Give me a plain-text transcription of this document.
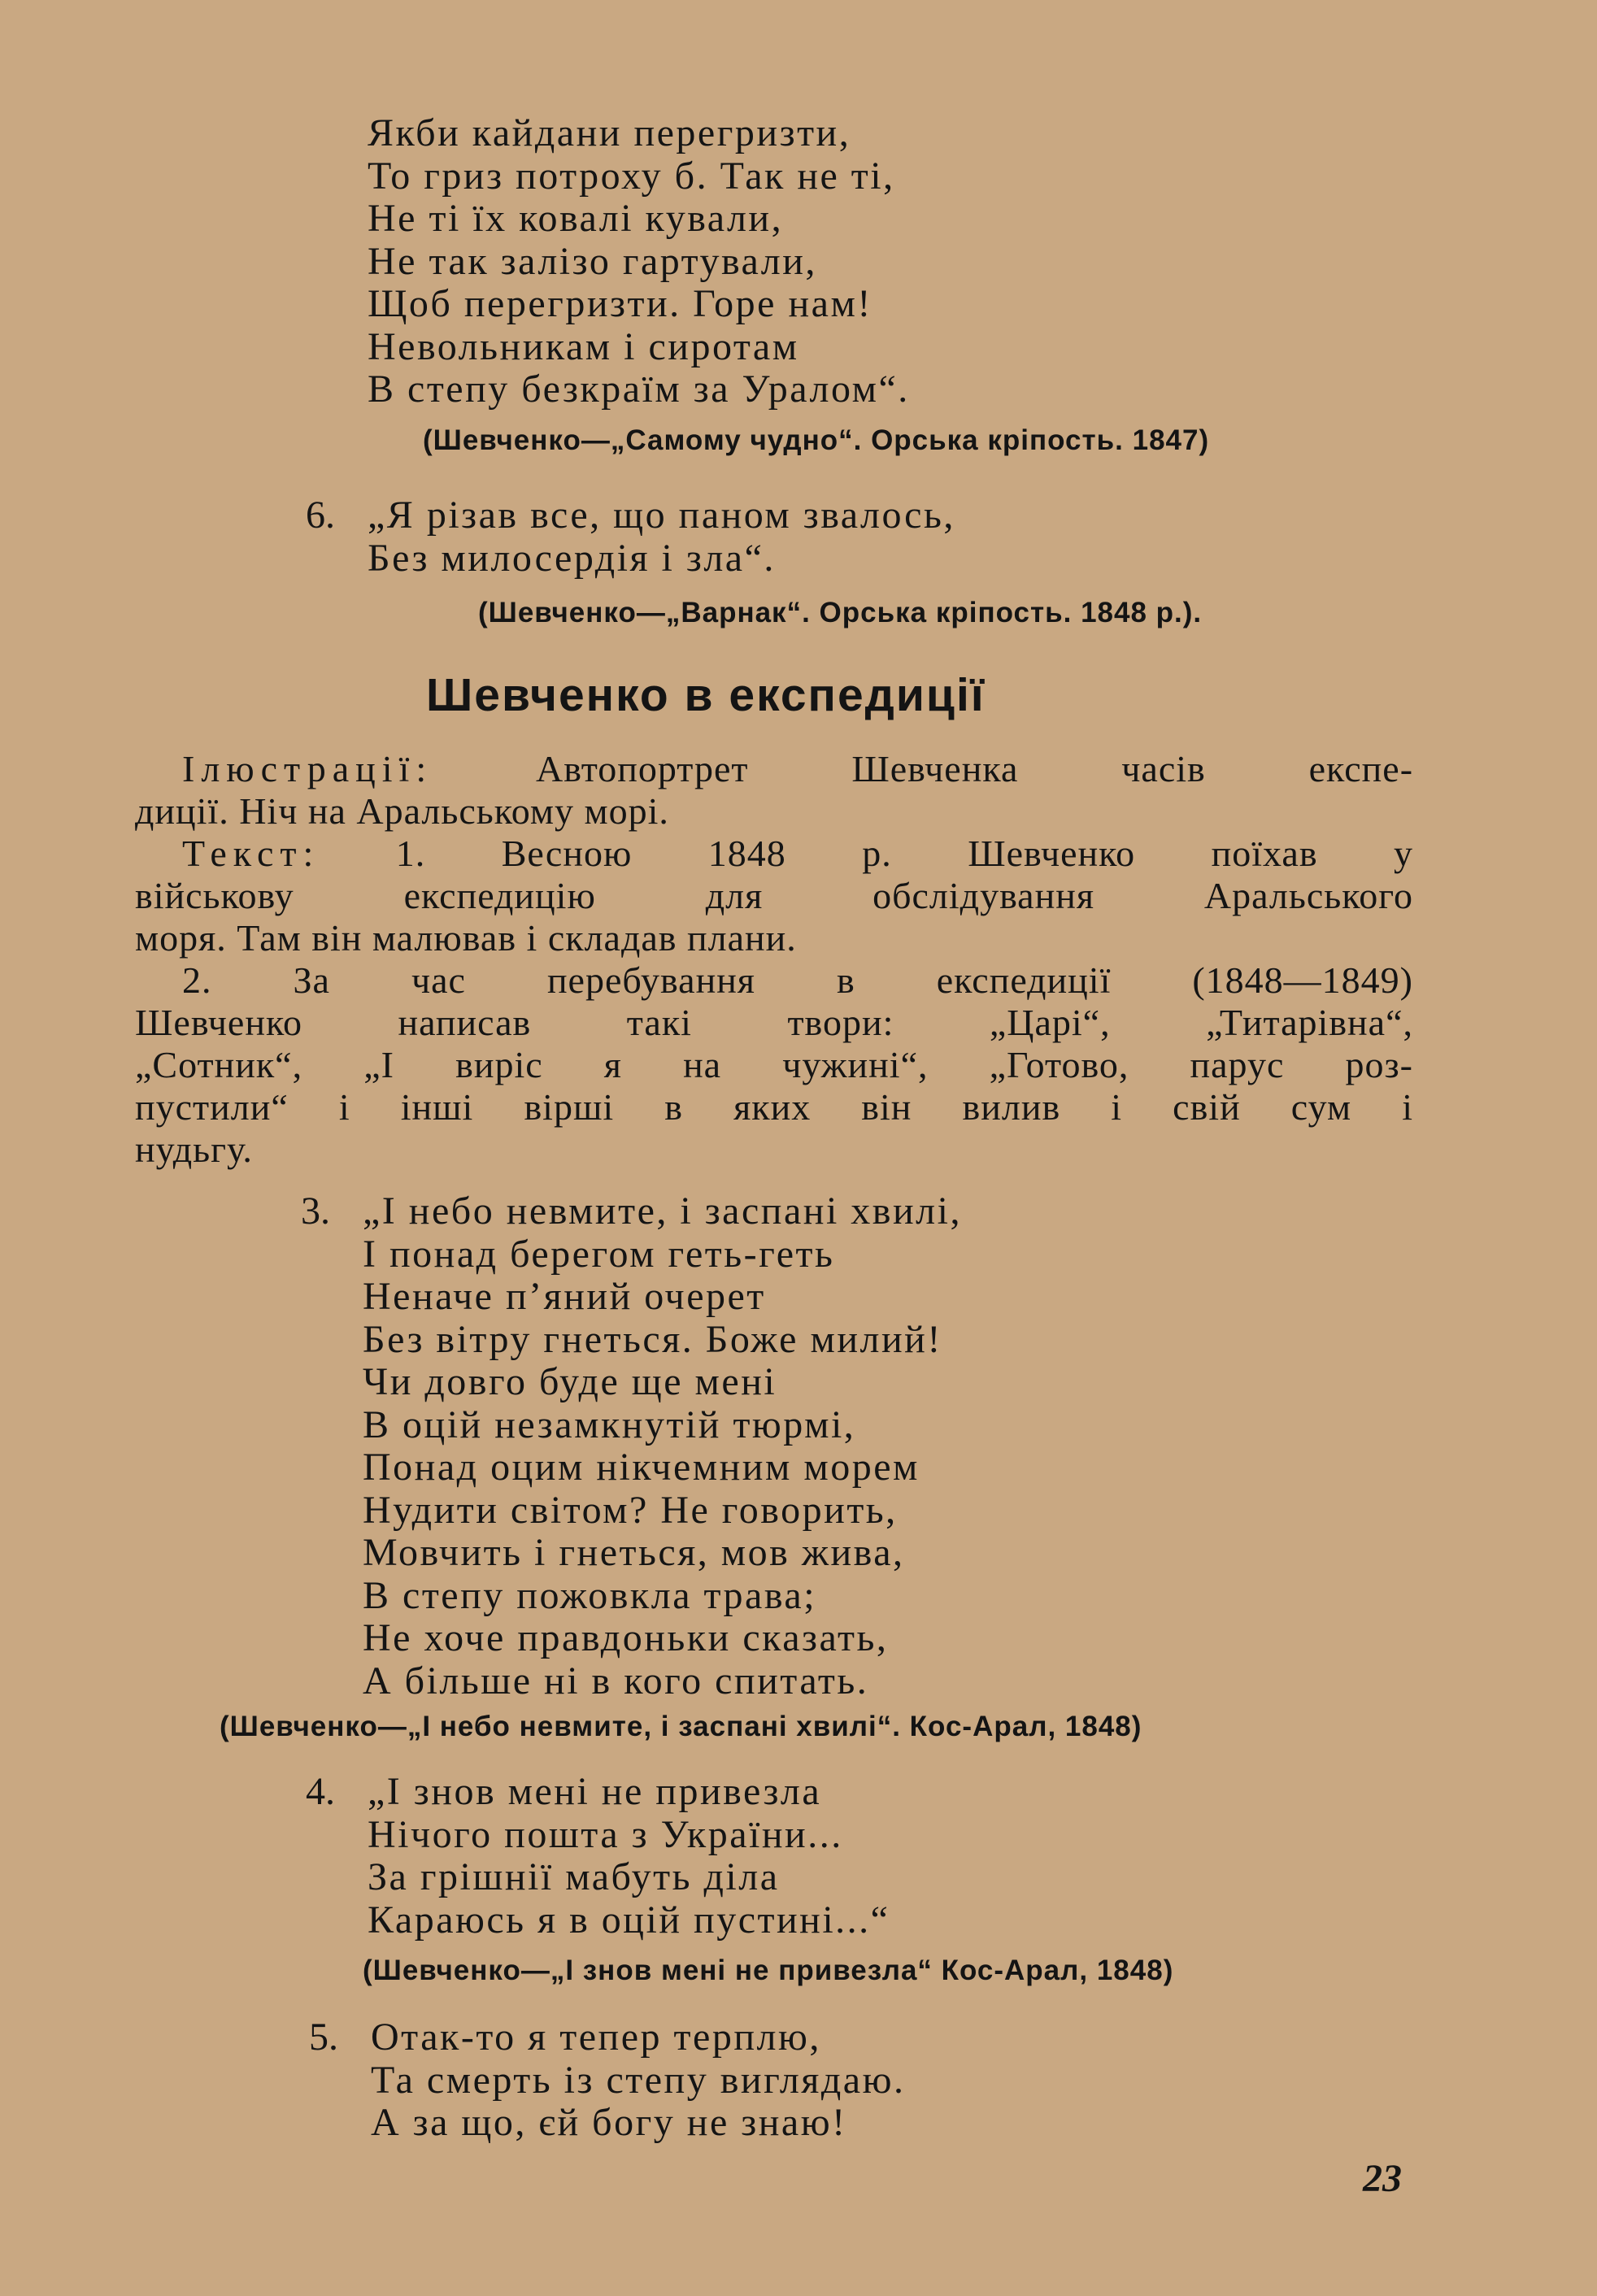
Якби кайдани перегризти,
То гриз потроху б. Так не ті,
Не ті їх ковалі кували,
Не так залізо гартували,
Щоб перегризти. Горе нам!
Невольникам і сиротам
В степу безкраїм за Уралом“.
(Шевченко—„Самому чудно“. Орська кріпость. 1847)
6. „Я різав все, що паном звалось,
Без милосердія і зла“.
(Шевченко—„Варнак“. Орська кріпость. 1848 р.).
Шевченко в експедиції
Ілюстрації:	Автопортрет Шевченка часів експе-
диції. Ніч на Аральському морі.
Текст: 1. Весною 1848 р. Шевченко поїхав у
військову експедицію для обслідування Аральського
моря. Там він малював і складав плани.
2. За час перебування в експедиції (1848—1849)
Шевченко написав такі твори: „Царі“, „Титарівна“,
„Сотник“, „І виріс я на чужині“, „Готово, парус роз-
пустили“ і інші вірші в яких він вилив і свій сум і
нудьгу.
3. „І небо невмите, і заспані хвилі,
І понад берегом геть-геть
Неначе п’яний очерет
Без вітру гнеться. Боже милий!
Чи довго буде ще мені
В оцій незамкнутій тюрмі,
Понад оцим нікчемним морем
Нудити світом? Не говорить,
Мовчить і гнеться, мов жива,
В степу пожовкла трава;
Не хоче правдоньки сказать,
А більше ні в кого спитать.
(Шевченко—„І небо невмите, і заспані хвилі“. Кос-Арал, 1848)
4. „І знов мені не привезла
Нічого пошта з України...
За грішнії мабуть діла
Караюсь я в оцій пустині...“
(Шевченко—„І знов мені не привезла“ Кос-Арал, 1848)
5. Отак-то я тепер терплю,
Та смерть із степу виглядаю.
А за що, єй богу не знаю!
23
